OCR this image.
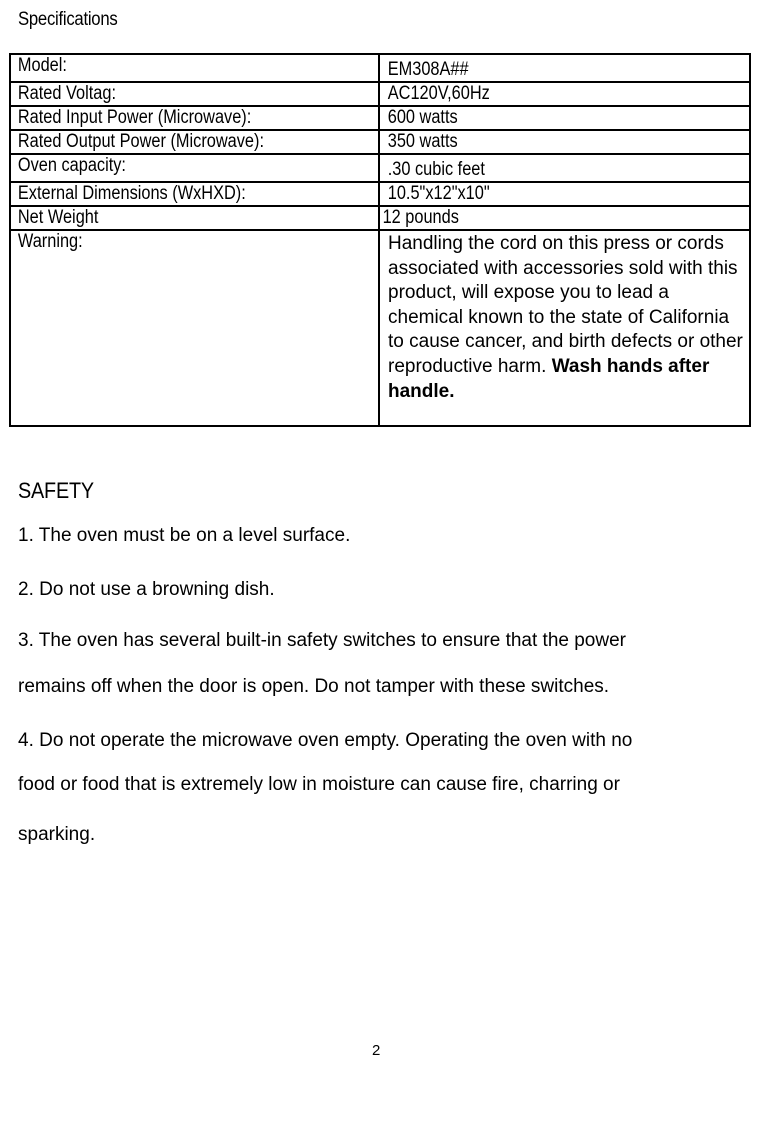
Specifications
Model:	EM308A##

Rated Voltag:	AC120V,60Hz

Rated Input Power (Microwave):	600 watts

Rated Output Power (Microwave):	350 watts

Oven capacity:	.30 cubic feet

External Dimensions (WxHXD):	10.5"x12"x10"

Net Weight	12 pounds

Warning:	Handling the cord on this press or cords associated with accessories sold with this product, will expose you to lead a chemical known to the state of California to cause cancer, and birth defects or other reproductive harm. Wash hands after handle.

SAFETY
1. The oven must be on a level surface.
2. Do not use a browning dish.
3. The oven has several built-in safety switches to ensure that the power
remains off when the door is open. Do not tamper with these switches.
4. Do not operate the microwave oven empty. Operating the oven with no
food or food that is extremely low in moisture can cause fire, charring or
sparking.
2
